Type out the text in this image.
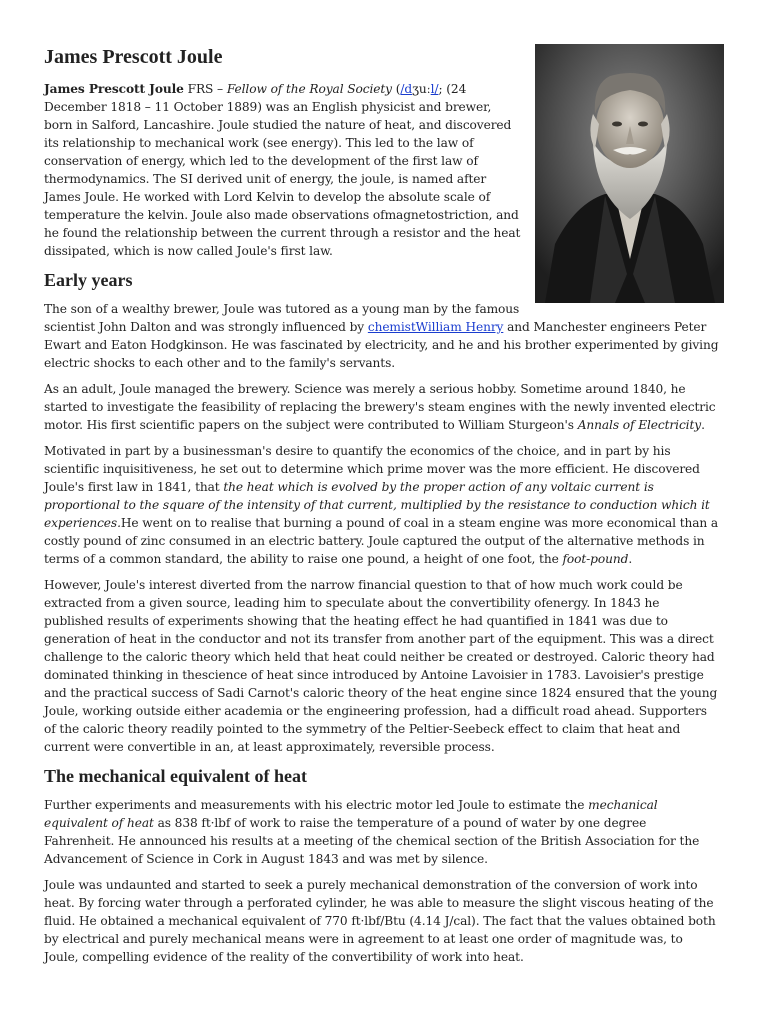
James Prescott Joule

James Prescott Joule FRS – Fellow of the Royal Society (/dʒuːl/; (24 December 1818 – 11 October 1889) was an English physicist and brewer, born in Salford, Lancashire. Joule studied the nature of heat, and discovered its relationship to mechanical work (see energy). This led to the law of conservation of energy, which led to the development of the first law of thermodynamics. The SI derived unit of energy, the joule, is named after James Joule. He worked with Lord Kelvin to develop the absolute scale of temperature the kelvin. Joule also made observations ofmagnetostriction, and he found the relationship between the current through a resistor and the heat dissipated, which is now called Joule's first law.

Early years

The son of a wealthy brewer, Joule was tutored as a young man by the famous scientist John Dalton and was strongly influenced by chemistWilliam Henry and Manchester engineers Peter Ewart and Eaton Hodgkinson. He was fascinated by electricity, and he and his brother experimented by giving electric shocks to each other and to the family's servants.

As an adult, Joule managed the brewery. Science was merely a serious hobby. Sometime around 1840, he started to investigate the feasibility of replacing the brewery's steam engines with the newly invented electric motor. His first scientific papers on the subject were contributed to William Sturgeon's Annals of Electricity.

Motivated in part by a businessman's desire to quantify the economics of the choice, and in part by his scientific inquisitiveness, he set out to determine which prime mover was the more efficient. He discovered Joule's first law in 1841, that the heat which is evolved by the proper action of any voltaic current is proportional to the square of the intensity of that current, multiplied by the resistance to conduction which it experiences.He went on to realise that burning a pound of coal in a steam engine was more economical than a costly pound of zinc consumed in an electric battery. Joule captured the output of the alternative methods in terms of a common standard, the ability to raise one pound, a height of one foot, the foot-pound.

However, Joule's interest diverted from the narrow financial question to that of how much work could be extracted from a given source, leading him to speculate about the convertibility ofenergy. In 1843 he published results of experiments showing that the heating effect he had quantified in 1841 was due to generation of heat in the conductor and not its transfer from another part of the equipment. This was a direct challenge to the caloric theory which held that heat could neither be created or destroyed. Caloric theory had dominated thinking in thescience of heat since introduced by Antoine Lavoisier in 1783. Lavoisier's prestige and the practical success of Sadi Carnot's caloric theory of the heat engine since 1824 ensured that the young Joule, working outside either academia or the engineering profession, had a difficult road ahead. Supporters of the caloric theory readily pointed to the symmetry of the Peltier-Seebeck effect to claim that heat and current were convertible in an, at least approximately, reversible process.

The mechanical equivalent of heat

Further experiments and measurements with his electric motor led Joule to estimate the mechanical equivalent of heat as 838 ft·lbf of work to raise the temperature of a pound of water by one degree Fahrenheit. He announced his results at a meeting of the chemical section of the British Association for the Advancement of Science in Cork in August 1843 and was met by silence.

Joule was undaunted and started to seek a purely mechanical demonstration of the conversion of work into heat. By forcing water through a perforated cylinder, he was able to measure the slight viscous heating of the fluid. He obtained a mechanical equivalent of 770 ft·lbf/Btu (4.14 J/cal). The fact that the values obtained both by electrical and purely mechanical means were in agreement to at least one order of magnitude was, to Joule, compelling evidence of the reality of the convertibility of work into heat.
